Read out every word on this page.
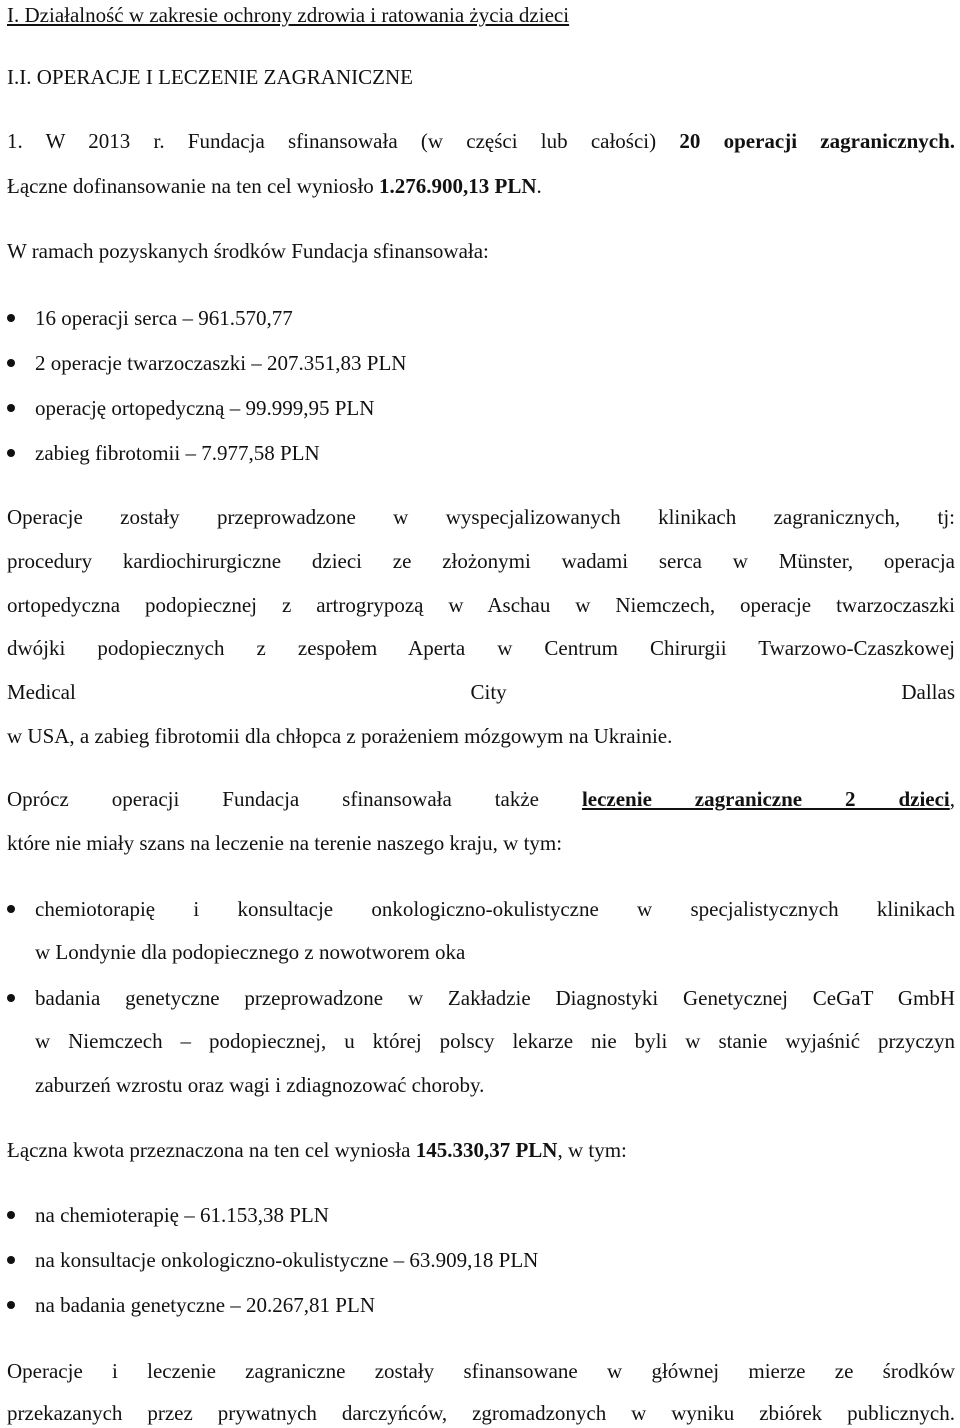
I. Działalność w zakresie ochrony zdrowia i ratowania życia dzieci
I.I. OPERACJE I LECZENIE ZAGRANICZNE
1. W 2013 r. Fundacja sfinansowała (w części lub całości) 20 operacji zagranicznych.
Łączne dofinansowanie na ten cel wyniosło 1.276.900,13 PLN.
W ramach pozyskanych środków Fundacja sfinansowała:
16 operacji serca – 961.570,77
2 operacje twarzoczaszki – 207.351,83 PLN
operację ortopedyczną – 99.999,95 PLN
zabieg fibrotomii – 7.977,58 PLN
Operacje zostały przeprowadzone w wyspecjalizowanych klinikach zagranicznych, tj:
procedury kardiochirurgiczne dzieci ze złożonymi wadami serca w Münster, operacja
ortopedyczna podopiecznej z artrogrypozą w Aschau w Niemczech, operacje twarzoczaszki
dwójki podopiecznych z zespołem Aperta w Centrum Chirurgii Twarzowo-Czaszkowej
Medical City Dallas
w USA, a zabieg fibrotomii dla chłopca z porażeniem mózgowym na Ukrainie.
Oprócz operacji Fundacja sfinansowała także leczenie zagraniczne 2 dzieci,
które nie miały szans na leczenie na terenie naszego kraju, w tym:
chemiotorapię i konsultacje onkologiczno-okulistyczne w specjalistycznych klinikach
w Londynie dla podopiecznego z nowotworem oka
badania genetyczne przeprowadzone w Zakładzie Diagnostyki Genetycznej CeGaT GmbH
w Niemczech – podopiecznej, u której polscy lekarze nie byli w stanie wyjaśnić przyczyn
zaburzeń wzrostu oraz wagi i zdiagnozować choroby.
Łączna kwota przeznaczona na ten cel wyniosła 145.330,37 PLN, w tym:
na chemioterapię – 61.153,38 PLN
na konsultacje onkologiczno-okulistyczne – 63.909,18 PLN
na badania genetyczne – 20.267,81 PLN
Operacje i leczenie zagraniczne zostały sfinansowane w głównej mierze ze środków
przekazanych przez prywatnych darczyńców, zgromadzonych w wyniku zbiórek publicznych.
